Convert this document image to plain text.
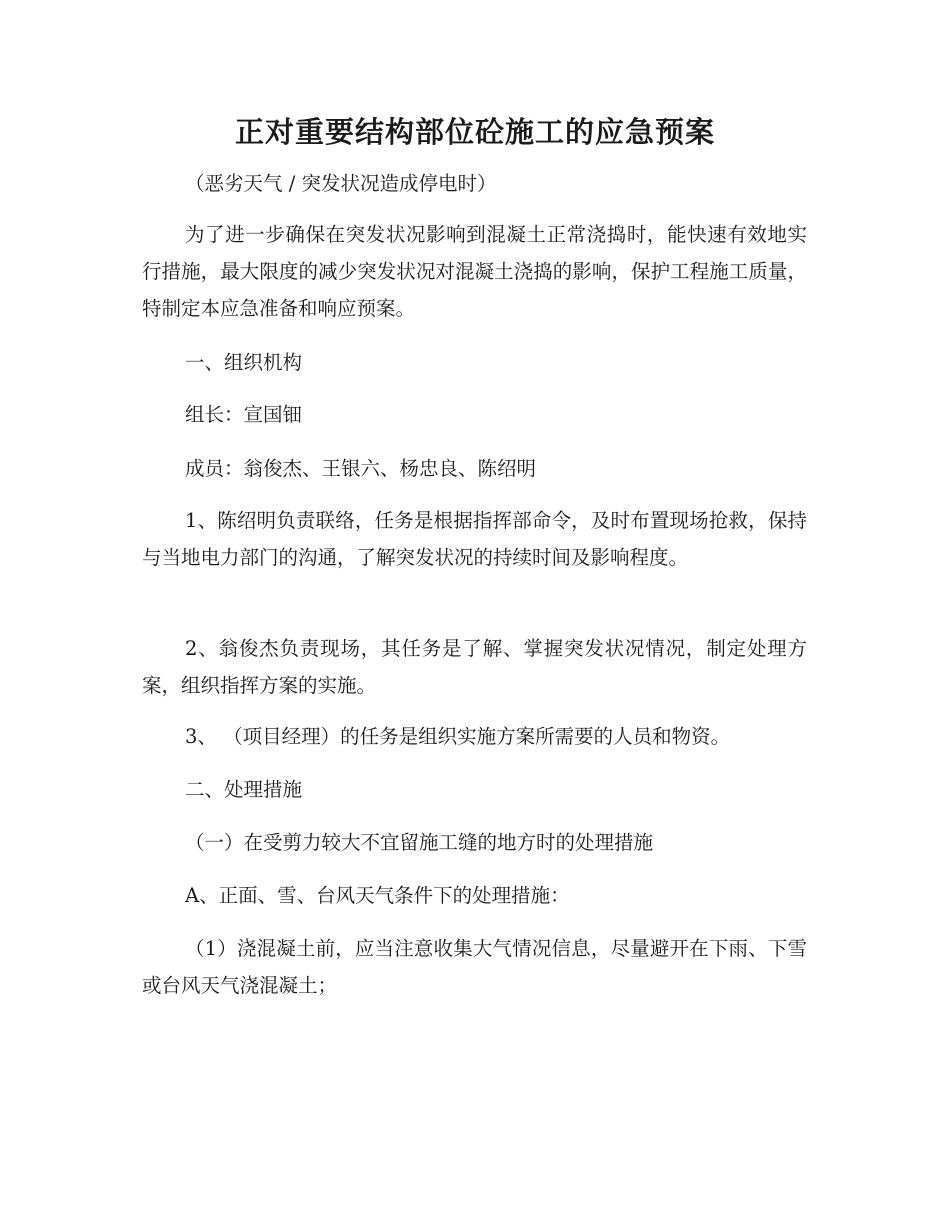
正对重要结构部位砼施工的应急预案

（恶劣天气 / 突发状况造成停电时）

为了进一步确保在突发状况影响到混凝土正常浇捣时，能快速有效地实行措施，最大限度的减少突发状况对混凝土浇捣的影响，保护工程施工质量，特制定本应急准备和响应预案。

一、组织机构

组长：宣国钿

成员：翁俊杰、王银六、杨忠良、陈绍明

1、陈绍明负责联络，任务是根据指挥部命令，及时布置现场抢救，保持与当地电力部门的沟通，了解突发状况的持续时间及影响程度。

2、翁俊杰负责现场，其任务是了解、掌握突发状况情况，制定处理方案，组织指挥方案的实施。

3、 （项目经理）的任务是组织实施方案所需要的人员和物资。

二、处理措施

（一）在受剪力较大不宜留施工缝的地方时的处理措施

A、正面、雪、台风天气条件下的处理措施：

（1）浇混凝土前，应当注意收集大气情况信息，尽量避开在下雨、下雪或台风天气浇混凝土；
